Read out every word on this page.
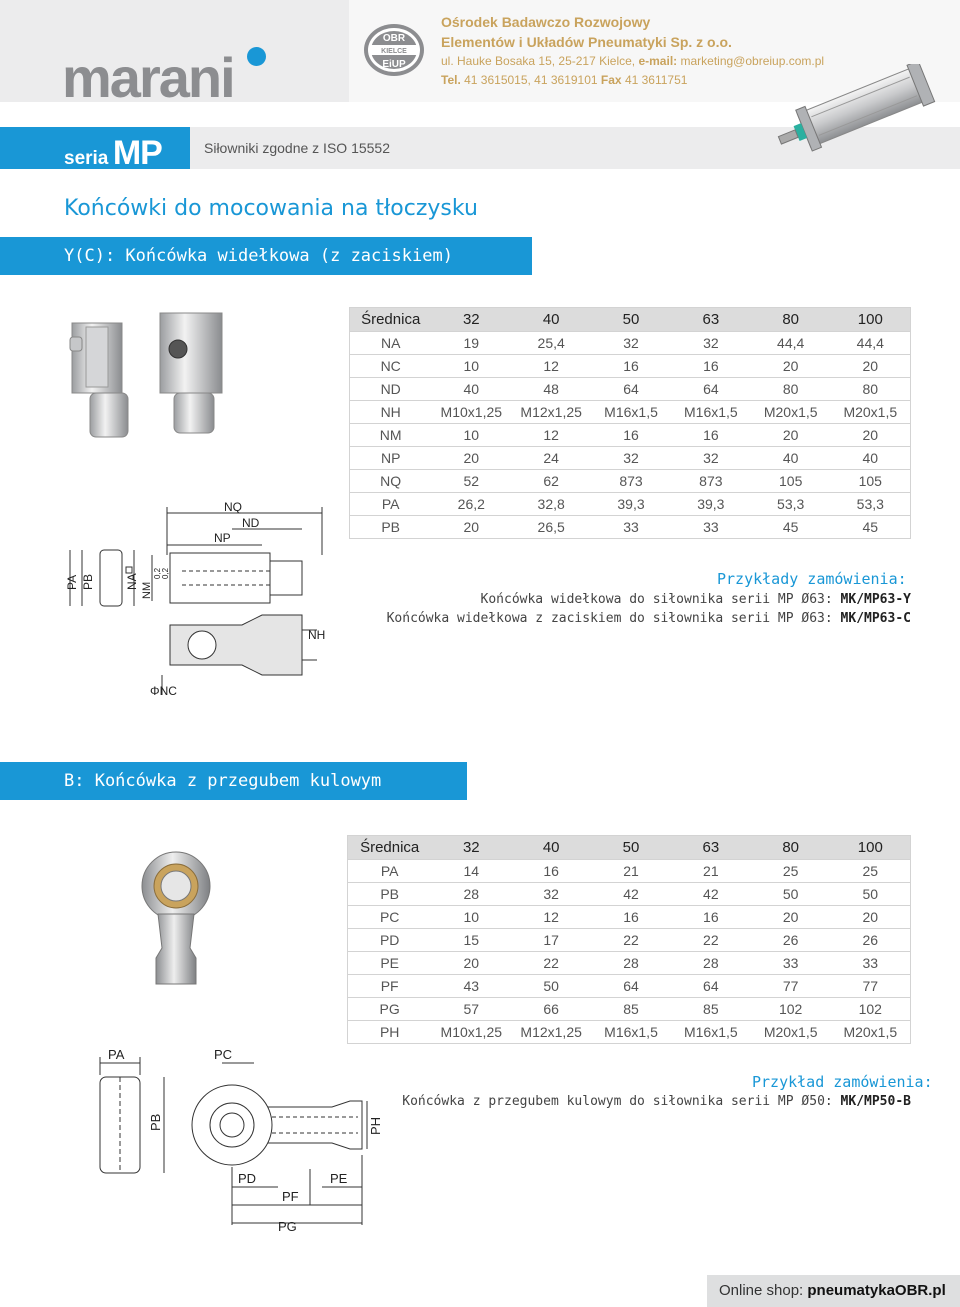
marani
OBR
KIELCE
EiUP
Ośrodek Badawczo Rozwojowy
Elementów i Układów Pneumatyki Sp. z o.o.
ul. Hauke Bosaka 15, 25-217 Kielce, e-mail: marketing@obreiup.com.pl
Tel. 41 3615015, 41 3619101 Fax 41 3611751
seria MP	Siłowniki zgodne z ISO 15552
Końcówki do mocowania na tłoczysku
Y(C): Końcówka widełkowa (z zaciskiem)
NQ
ND
NP
PA PB	NA
NM
0,2 0,2
NH
ΦNC
Średnica	32	40	50	63	80	100
NA	19	25,4	32	32	44,4	44,4
NC	10	12	16	16	20	20
ND	40	48	64	64	80	80
NH	M10x1,25	M12x1,25	M16x1,5	M16x1,5	M20x1,5	M20x1,5
NM	10	12	16	16	20	20
NP	20	24	32	32	40	40
NQ	52	62	873	873	105	105
PA	26,2	32,8	39,3	39,3	53,3	53,3
PB	20	26,5	33	33	45	45
Przykłady zamówienia:
Końcówka widełkowa do siłownika serii MP Ø63: MK/MP63-Y
Końcówka widełkowa z zaciskiem do siłownika serii MP Ø63: MK/MP63-C
B: Końcówka z przegubem kulowym
Średnica	32	40	50	63	80	100
PA	14	16	21	21	25	25
PB	28	32	42	42	50	50
PC	10	12	16	16	20	20
PD	15	17	22	22	26	26
PE	20	22	28	28	33	33
PF	43	50	64	64	77	77
PG	57	66	85	85	102	102
PH	M10x1,25	M12x1,25	M16x1,5	M16x1,5	M20x1,5	M20x1,5
PA	PC
PB	PH
PD	PE
PF
PG
Przykład zamówienia:
Końcówka z przegubem kulowym do siłownika serii MP Ø50: MK/MP50-B
Online shop: pneumatykaOBR.pl
